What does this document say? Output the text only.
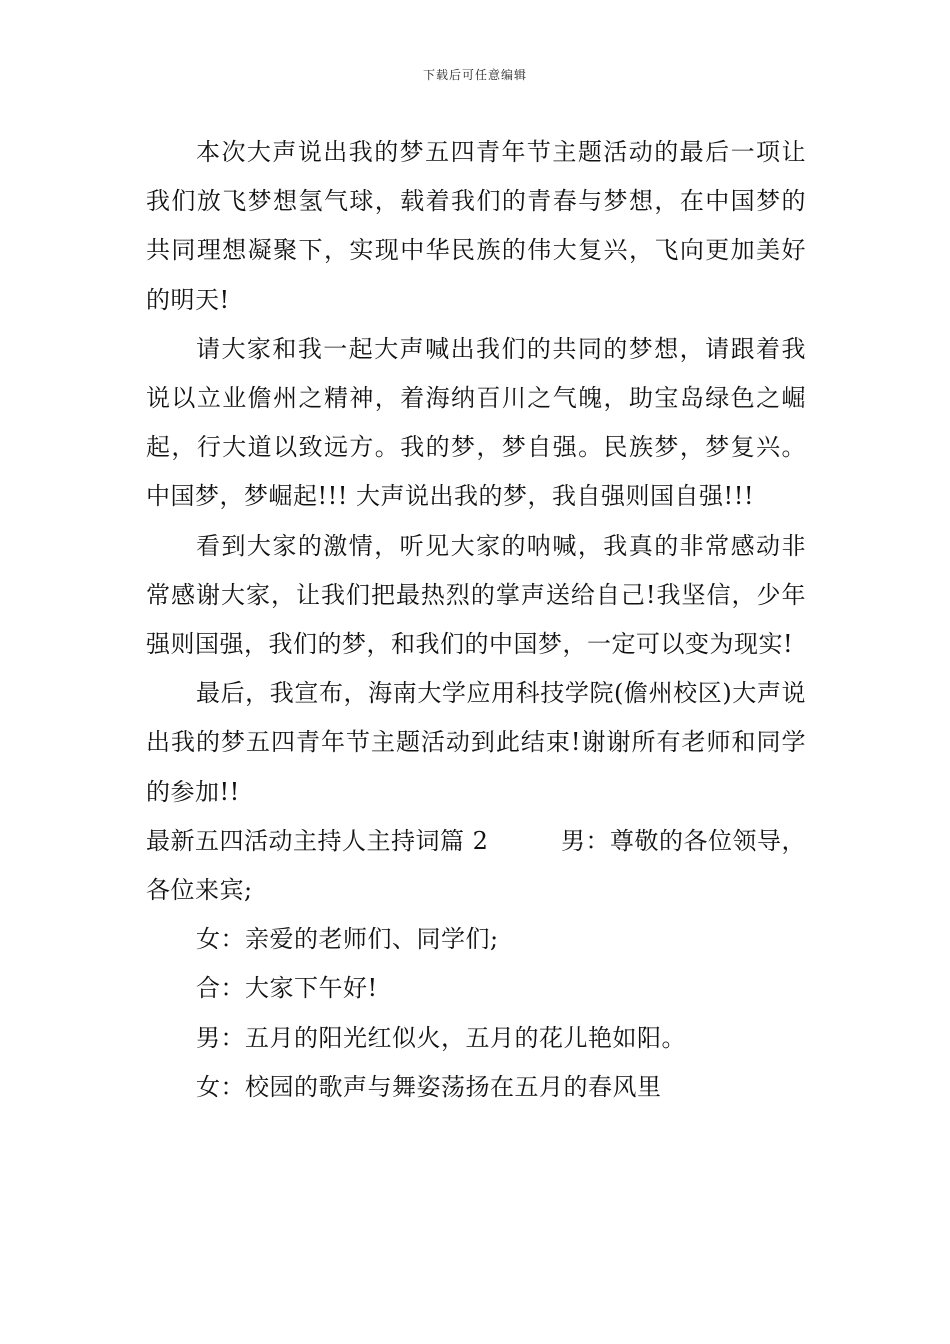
下载后可任意编辑

本次大声说出我的梦五四青年节主题活动的最后一项让我们放飞梦想氢气球，载着我们的青春与梦想，在中国梦的共同理想凝聚下，实现中华民族的伟大复兴，飞向更加美好的明天!

请大家和我一起大声喊出我们的共同的梦想，请跟着我说以立业儋州之精神，着海纳百川之气魄，助宝岛绿色之崛起，行大道以致远方。我的梦，梦自强。民族梦，梦复兴。中国梦，梦崛起!!! 大声说出我的梦，我自强则国自强!!!

看到大家的激情，听见大家的呐喊，我真的非常感动非常感谢大家，让我们把最热烈的掌声送给自己!我坚信，少年强则国强，我们的梦，和我们的中国梦，一定可以变为现实!

最后，我宣布，海南大学应用科技学院(儋州校区)大声说出我的梦五四青年节主题活动到此结束!谢谢所有老师和同学的参加!!

最新五四活动主持人主持词篇 2	男：尊敬的各位领导，

各位来宾;

女：亲爱的老师们、同学们;

合：大家下午好!

男：五月的阳光红似火，五月的花儿艳如阳。

女：校园的歌声与舞姿荡扬在五月的春风里
